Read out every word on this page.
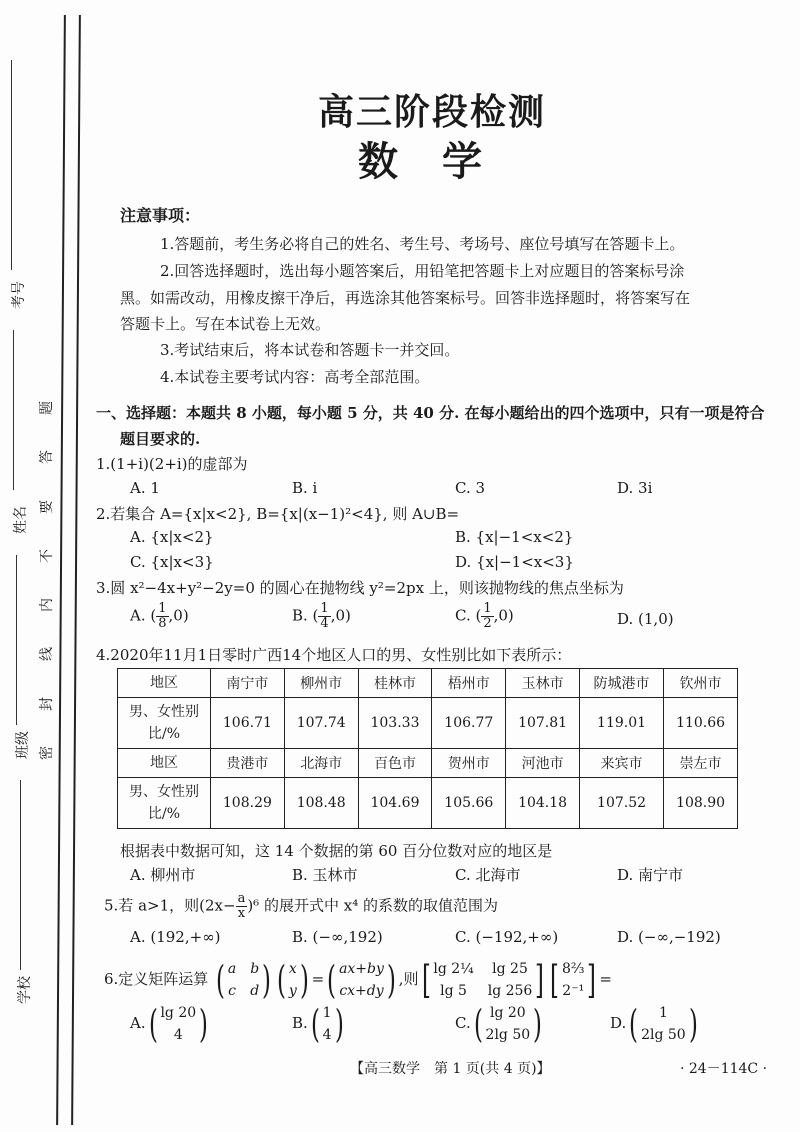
考号
姓名
班级
学校
密
封
线
内
不
要
答
题
高三阶段检测
数学
注意事项：
1.答题前，考生务必将自己的姓名、考生号、考场号、座位号填写在答题卡上。
2.回答选择题时，选出每小题答案后，用铅笔把答题卡上对应题目的答案标号涂
黑。如需改动，用橡皮擦干净后，再选涂其他答案标号。回答非选择题时，将答案写在
答题卡上。写在本试卷上无效。
3.考试结束后，将本试卷和答题卡一并交回。
4.本试卷主要考试内容：高考全部范围。
一、选择题：本题共 8 小题，每小题 5 分，共 40 分. 在每小题给出的四个选项中，只有一项是符合
题目要求的.
1.(1+i)(2+i)的虚部为
A. 1	B. i	C. 3	D. 3i
2.若集合 A={x|x<2}, B={x|(x−1)²<4}, 则 A∪B=
A. {x|x<2}	B. {x|−1<x<2}
C. {x|x<3}	D. {x|−1<x<3}
3.圆 x²−4x+y²−2y=0 的圆心在抛物线 y²=2px 上，则该抛物线的焦点坐标为
A. ( $\frac{1}{8} ,0$)	B. ( $\frac{1}{4} ,0$)	C. ( $\frac{1}{2} ,0$)	D. (1,0)
4.2020年11月1日零时广西14个地区人口的男、女性别比如下表所示：
地区	南宁市	柳州市	桂林市	梧州市	玉林市	防城港市	钦州市
男、女性别
比/%	106.71	107.74	103.33	106.77	107.81	119.01	110.66
地区	贵港市	北海市	百色市	贺州市	河池市	来宾市	崇左市
男、女性别
比/%	108.29	108.48	104.69	105.66	104.18	107.52	108.90
根据表中数据可知，这 14 个数据的第 60 百分位数对应的地区是
A. 柳州市	B. 玉林市	C. 北海市	D. 南宁市
5.若 a>1，则$(2x- \frac{a}{x} )^6$ 的展开式中 x⁴ 的系数的取值范围为
A. (192,+∞)	B. (−∞,192)	C. (−192,+∞)	D. (−∞,−192)
6.定义矩阵运算 ( a b
c d ) ( x
y ) = ( ax+by
cx+dy ) ,则 [ lg 2¼	lg 25
lg 5	lg 256 ] [ 8⅔
2⁻¹ ] =
A. ( lg 20
4 )	B. ( 1
4 )	C. ( lg 20
2lg 50 )	D. (	1
2lg 50 )
【高三数学　第 1 页(共 4 页)】	· 24－114C ·
